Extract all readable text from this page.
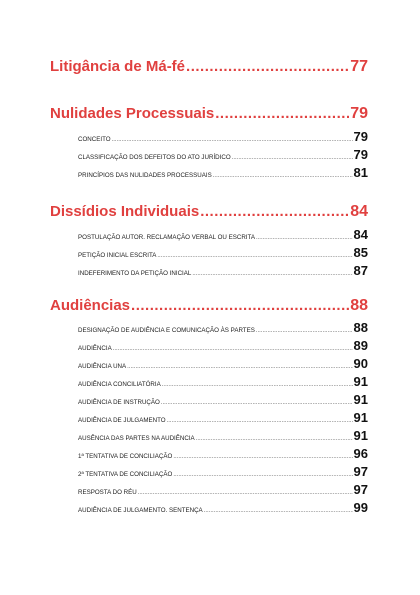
Litigância de Má-fé .....	77
Nulidades Processuais .....	79
CONCEITO .....	79
CLASSIFICAÇÃO DOS DEFEITOS DO ATO JURÍDICO .....	79
PRINCÍPIOS DAS NULIDADES PROCESSUAIS .....	81
Dissídios Individuais .....	84
POSTULAÇÃO AUTOR. RECLAMAÇÃO VERBAL OU ESCRITA .....	84
PETIÇÃO INICIAL ESCRITA .....	85
INDEFERIMENTO DA PETIÇÃO INICIAL .....	87
Audiências .....	88
DESIGNAÇÃO DE AUDIÊNCIA E COMUNICAÇÃO ÀS PARTES .....	88
AUDIÊNCIA .....	89
AUDIÊNCIA UNA .....	90
AUDIÊNCIA CONCILIATÓRIA .....	91
AUDIÊNCIA DE INSTRUÇÃO .....	91
AUDIÊNCIA DE JULGAMENTO .....	91
AUSÊNCIA DAS PARTES NA AUDIÊNCIA .....	91
1ª TENTATIVA DE CONCILIAÇÃO .....	96
2ª TENTATIVA DE CONCILIAÇÃO .....	97
RESPOSTA DO RÉU .....	97
AUDIÊNCIA DE JULGAMENTO. SENTENÇA .....	99
